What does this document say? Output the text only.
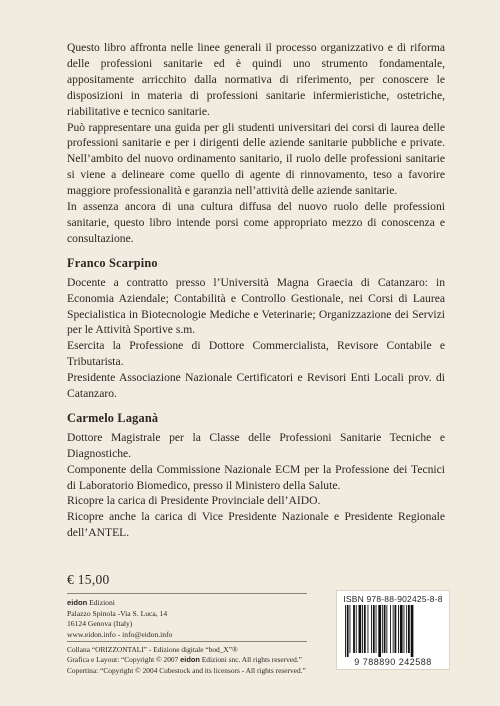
Questo libro affronta nelle linee generali il processo organizzativo e di riforma delle professioni sanitarie ed è quindi uno strumento fondamentale, appositamente arricchito dalla normativa di riferimento, per conoscere le disposizioni in materia di professioni sanitarie infermieristiche, ostetriche, riabilitative e tecnico sanitarie.

Può rappresentare una guida per gli studenti universitari dei corsi di laurea delle professioni sanitarie e per i dirigenti delle aziende sanitarie pubbliche e private. Nell’ambito del nuovo ordinamento sanitario, il ruolo delle professioni sanitarie si viene a delineare come quello di agente di rinnovamento, teso a favorire maggiore professionalità e garanzia nell’attività delle aziende sanitarie.

In assenza ancora di una cultura diffusa del nuovo ruolo delle professioni sanitarie, questo libro intende porsi come appropriato mezzo di conoscenza e consultazione.

Franco Scarpino

Docente a contratto presso l’Università Magna Graecia di Catanzaro: in Economia Aziendale; Contabilità e Controllo Gestionale, nei Corsi di Laurea Specialistica in Biotecnologie Mediche e Veterinarie; Organizzazione dei Servizi per le Attività Sportive s.m.

Esercita la Professione di Dottore Commercialista, Revisore Contabile e Tributarista.

Presidente Associazione Nazionale Certificatori e Revisori Enti Locali prov. di Catanzaro.

Carmelo Laganà

Dottore Magistrale per la Classe delle Professioni Sanitarie Tecniche e Diagnostiche.

Componente della Commissione Nazionale ECM per la Professione dei Tecnici di Laboratorio Biomedico, presso il Ministero della Salute.

Ricopre la carica di Presidente Provinciale dell’AIDO.

Ricopre anche la carica di Vice Presidente Nazionale e Presidente Regionale dell’ANTEL.

€ 15,00
eidon Edizioni
Palazzo Spinola -Via S. Luca, 14
16124 Genova (Italy)
www.eidon.info - info@eidon.info
Collana “ORIZZONTALI” - Edizione digitale “bod_X”®
Grafica e Layout: “Copyright © 2007 eidon Edizioni snc. All rights reserved.”
Copertina: “Copyright © 2004 Cubestock and its licensors - All rights reserved.”
ISBN 978-88-902425-8-8
9 788890 242588
